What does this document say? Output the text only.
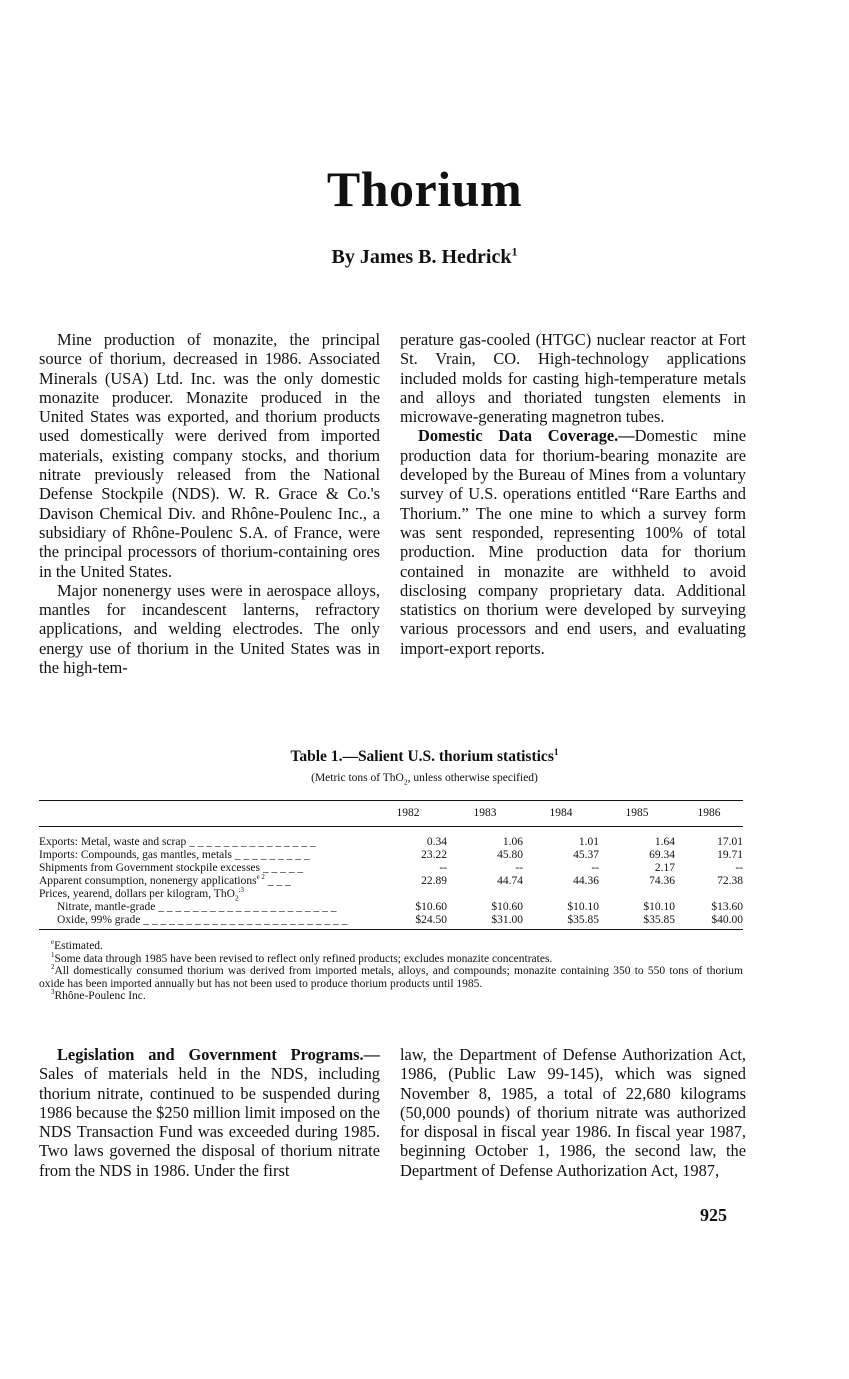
Thorium
By James B. Hedrick$^1$

Mine production of monazite, the principal source of thorium, decreased in 1986. Associated Minerals (USA) Ltd. Inc. was the only domestic monazite producer. Monazite produced in the United States was exported, and thorium products used domestically were derived from imported materials, existing company stocks, and thorium nitrate previously released from the National Defense Stockpile (NDS). W. R. Grace & Co.'s Davison Chemical Div. and Rhône-Poulenc Inc., a subsidiary of Rhône-Poulenc S.A. of France, were the principal processors of thorium-containing ores in the United States.

Major nonenergy uses were in aerospace alloys, mantles for incandescent lanterns, refractory applications, and welding electrodes. The only energy use of thorium in the United States was in the high-tem-

perature gas-cooled (HTGC) nuclear reactor at Fort St. Vrain, CO. High-technology applications included molds for casting high-temperature metals and alloys and thoriated tungsten elements in microwave-generating magnetron tubes.

Domestic Data Coverage.—Domestic mine production data for thorium-bearing monazite are developed by the Bureau of Mines from a voluntary survey of U.S. operations entitled “Rare Earths and Thorium.” The one mine to which a survey form was sent responded, representing 100% of total production. Mine production data for thorium contained in monazite are withheld to avoid disclosing company proprietary data. Additional statistics on thorium were developed by surveying various processors and end users, and evaluating import-export reports.

Table 1.—Salient U.S. thorium statistics$^1$
(Metric tons of ThO$_2$, unless otherwise specified)
	1982	1983	1984	1985	1986

Exports: Metal, waste and scrap _ _ _ _ _ _ _ _ _ _ _ _ _ _ _	0.34	1.06	1.01	1.64	17.01
Imports: Compounds, gas mantles, metals _ _ _ _ _ _ _ _ _	23.22	45.80	45.37	69.34	19.71
Shipments from Government stockpile excesses _ _ _ _ _	--	--	--	2.17	--
Apparent consumption, nonenergy applications$^{e 2}$ _ _ _	22.89	44.74	44.36	74.36	72.38
Prices, yearend, dollars per kilogram, ThO$_2^{:3}$
Nitrate, mantle-grade _ _ _ _ _ _ _ _ _ _ _ _ _ _ _ _ _ _ _ _ _	$10.60	$10.60	$10.10	$10.10	$13.60
Oxide, 99% grade _ _ _ _ _ _ _ _ _ _ _ _ _ _ _ _ _ _ _ _ _ _ _ _	$24.50	$31.00	$35.85	$35.85	$40.00

$^e$Estimated.

$^1$Some data through 1985 have been revised to reflect only refined products; excludes monazite concentrates.

$^2$All domestically consumed thorium was derived from imported metals, alloys, and compounds; monazite containing 350 to 550 tons of thorium oxide has been imported annually but has not been used to produce thorium products until 1985.

$^3$Rhône-Poulenc Inc.

Legislation and Government Programs.—Sales of materials held in the NDS, including thorium nitrate, continued to be suspended during 1986 because the $250 million limit imposed on the NDS Transaction Fund was exceeded during 1985. Two laws governed the disposal of thorium nitrate from the NDS in 1986. Under the first

law, the Department of Defense Authorization Act, 1986, (Public Law 99-145), which was signed November 8, 1985, a total of 22,680 kilograms (50,000 pounds) of thorium nitrate was authorized for disposal in fiscal year 1986. In fiscal year 1987, beginning October 1, 1986, the second law, the Department of Defense Authorization Act, 1987,

925
